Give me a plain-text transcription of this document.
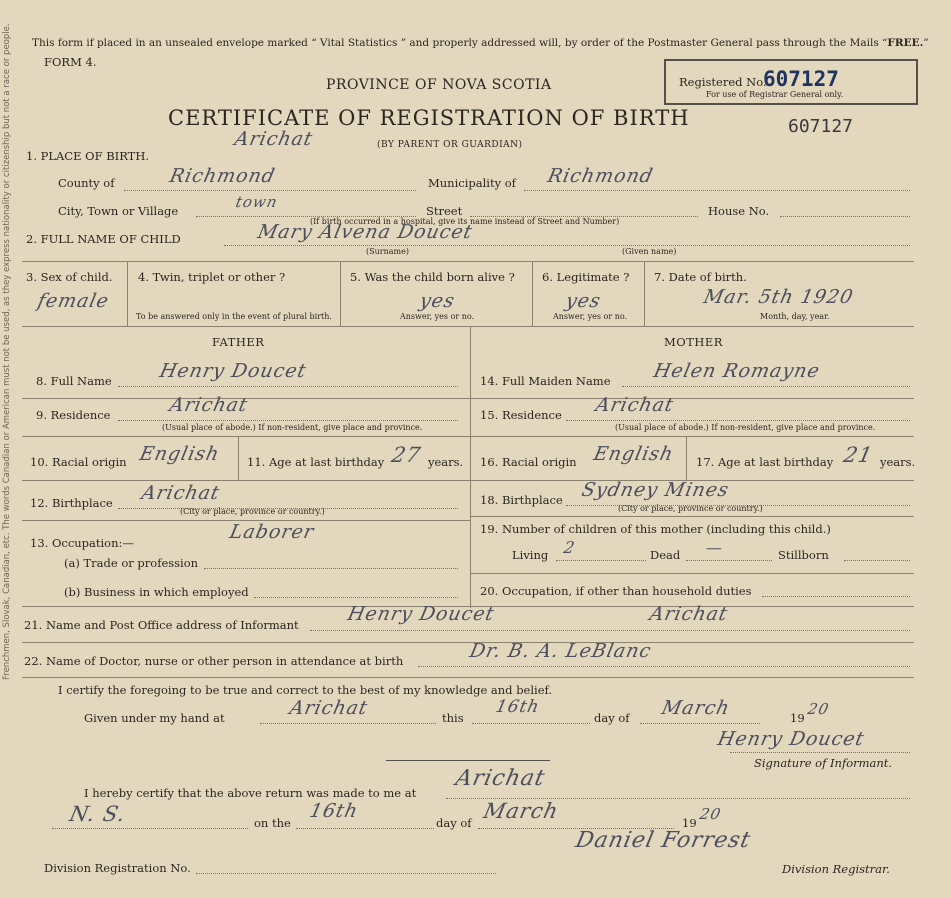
Frenchmen, Slovak, Canadian, etc. The words Canadian or American must not be used, as they express nationality or citizenship but not a race or people. This form if placed in an unsealed envelope marked “ Vital Statistics ” and properly addressed will, by order of the Postmaster General pass through the Mails “FREE.”
FORM 4.
PROVINCE OF NOVA SCOTIA
CERTIFICATE OF REGISTRATION OF BIRTH
(BY PARENT OR GUARDIAN)
Registered No.
607127
For use of Registrar General only.
607127
1. PLACE OF BIRTH.
Arichat
County of	Richmond	Municipality of Richmond
City, Town or Village	town	Street	House No.
(If birth occurred in a hospital, give its name instead of Street and Number)
2. FULL NAME OF CHILD	Mary Alvena Doucet
(Surname)	(Given name)
3. Sex of child.
female
4. Twin, triplet or other ?
To be answered only in the event of plural birth.
5. Was the child born alive ?
yes
Answer, yes or no.
6. Legitimate ?
yes
Answer, yes or no.
7. Date of birth.
Mar. 5th 1920
Month, day, year.
FATHER	MOTHER
8. Full Name Henry Doucet
9. Residence	Arichat
(Usual place of abode.) If non-resident, give place and province.
10. Racial origin English 11. Age at last birthday 27 years.
12. Birthplace Arichat
(City or place, province or country.)
13. Occupation:—	Laborer
(a) Trade or profession
(b) Business in which employed
14. Full Maiden Name Helen Romayne
15. Residence Arichat
(Usual place of abode.) If non-resident, give place and province.
16. Racial origin English 17. Age at last birthday 21 years.
18. Birthplace Sydney Mines
(City or place, province or country.)
19. Number of children of this mother (including this child.)
Living 2	Dead —	Stillborn
20. Occupation, if other than household duties
21. Name and Post Office address of Informant Henry Doucet	Arichat
22. Name of Doctor, nurse or other person in attendance at birth	Dr. B. A. LeBlanc
I certify the foregoing to be true and correct to the best of my knowledge and belief.
Given under my hand at	Arichat	this
16th
day of March	19 20
Henry Doucet
Signature of Informant.
I hereby certify that the above return was made to me at
Arichat
N. S.	on the
16th
day of March	19 20
Daniel Forrest
Division Registration No.	Division Registrar.
